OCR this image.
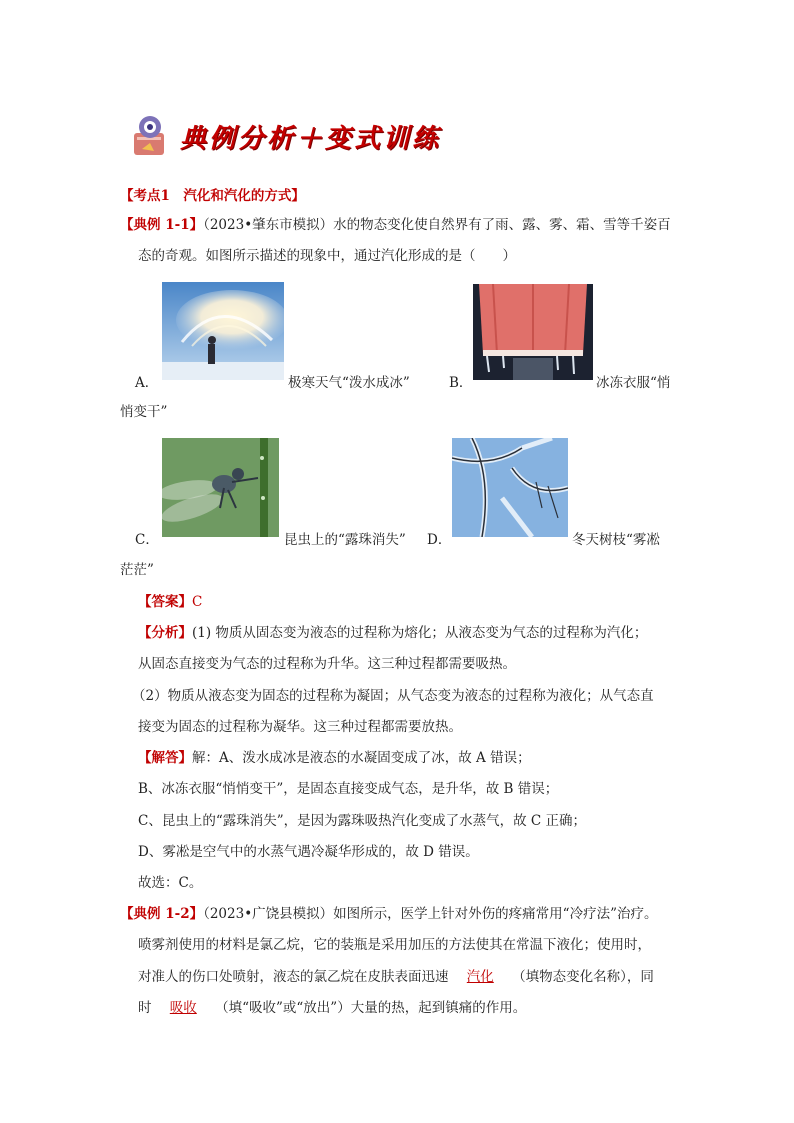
典例分析＋变式训练
【考点1　汽化和汽化的方式】
【典例 1-1】（2023•肇东市模拟）水的物态变化使自然界有了雨、露、雾、霜、雪等千姿百
态的奇观。如图所示描述的现象中，通过汽化形成的是（　　）
A．	极寒天气“泼水成冰”	B．	冰冻衣服“悄
悄变干”
C．	昆虫上的“露珠消失” D．	冬天树枝“雾凇
茫茫”
【答案】C
【分析】(1) 物质从固态变为液态的过程称为熔化；从液态变为气态的过程称为汽化；
从固态直接变为气态的过程称为升华。这三种过程都需要吸热。
（2）物质从液态变为固态的过程称为凝固；从气态变为液态的过程称为液化；从气态直
接变为固态的过程称为凝华。这三种过程都需要放热。
【解答】解：A、泼水成冰是液态的水凝固变成了冰，故 A 错误；
B、冰冻衣服“悄悄变干”，是固态直接变成气态，是升华，故 B 错误；
C、昆虫上的“露珠消失”，是因为露珠吸热汽化变成了水蒸气，故 C 正确；
D、雾凇是空气中的水蒸气遇冷凝华形成的，故 D 错误。
故选：C。
【典例 1-2】（2023•广饶县模拟）如图所示，医学上针对外伤的疼痛常用“冷疗法”治疗。
喷雾剂使用的材料是氯乙烷，它的装瓶是采用加压的方法使其在常温下液化；使用时，
对准人的伤口处喷射，液态的氯乙烷在皮肤表面迅速 汽化 （填物态变化名称），同
时 吸收 （填“吸收”或“放出”）大量的热，起到镇痛的作用。
